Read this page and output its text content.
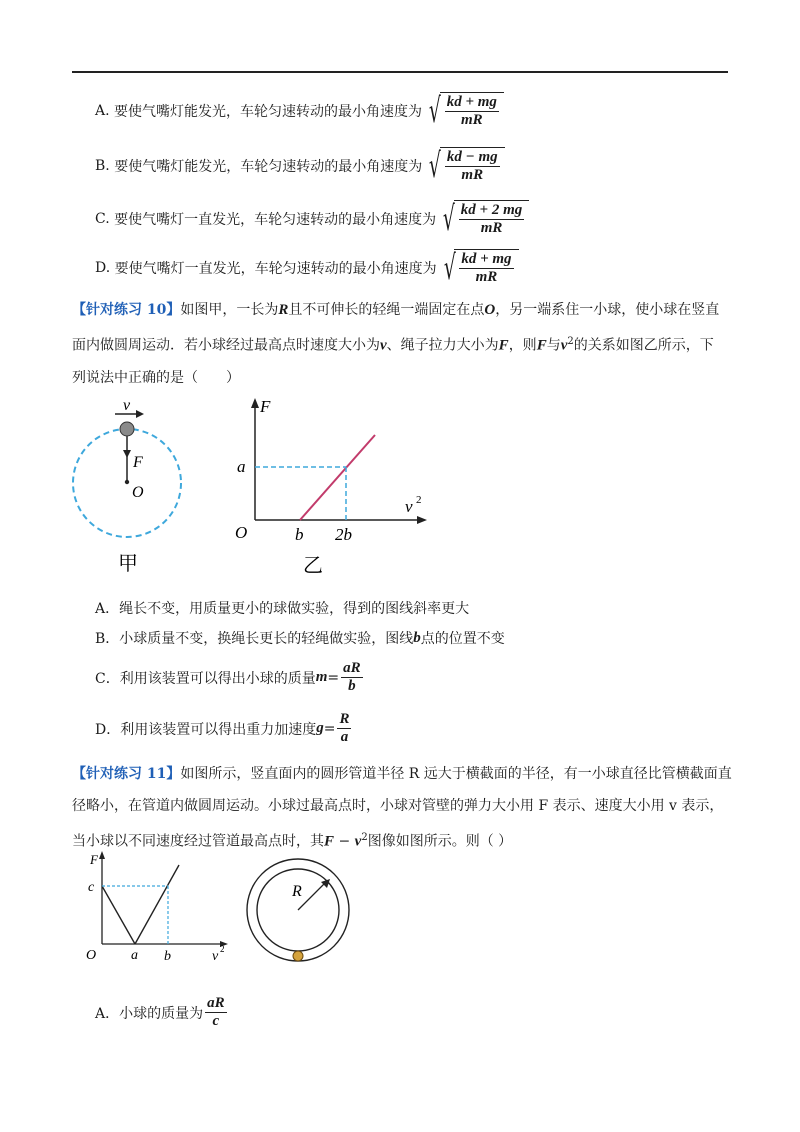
A.
要使气嘴灯能发光，车轮匀速转动的最小角速度为 √ $\frac{kd + mg}{mR}$
B.
要使气嘴灯能发光，车轮匀速转动的最小角速度为 √ $\frac{kd - mg}{mR}$
C.
要使气嘴灯一直发光，车轮匀速转动的最小角速度为 √ $\frac{kd + 2 mg}{mR}$
D.
要使气嘴灯一直发光，车轮匀速转动的最小角速度为 √ $\frac{kd + mg}{mR}$
【针对练习 10】如图甲，一长为R且不可伸长的轻绳一端固定在点O，另一端系住一小球，使小球在竖直
面内做圆周运动．若小球经过最高点时速度大小为v、绳子拉力大小为F，则F与$v^2$的关系如图乙所示，下
列说法中正确的是（　　）
v
F
O
甲
F
a
O	b 2b
v 2
乙
A．绳长不变，用质量更小的球做实验，得到的图线斜率更大
B．小球质量不变，换绳长更长的轻绳做实验，图线 b 点的位置不变
C．利用该装置可以得出小球的质量 $m = \frac{aR}{b}$
D．利用该装置可以得出重力加速度 $g = \frac{R}{a}$
【针对练习 11】如图所示，竖直面内的圆形管道半径 R 远大于横截面的半径，有一小球直径比管横截面直
径略小，在管道内做圆周运动。小球过最高点时，小球对管壁的弹力大小用 F 表示、速度大小用 v 表示，
当小球以不同速度经过管道最高点时，其$F - v^2$图像如图所示。则（ ）
F
c
O a b	v 2
R
A．小球的质量为 $\frac{aR}{c}$
